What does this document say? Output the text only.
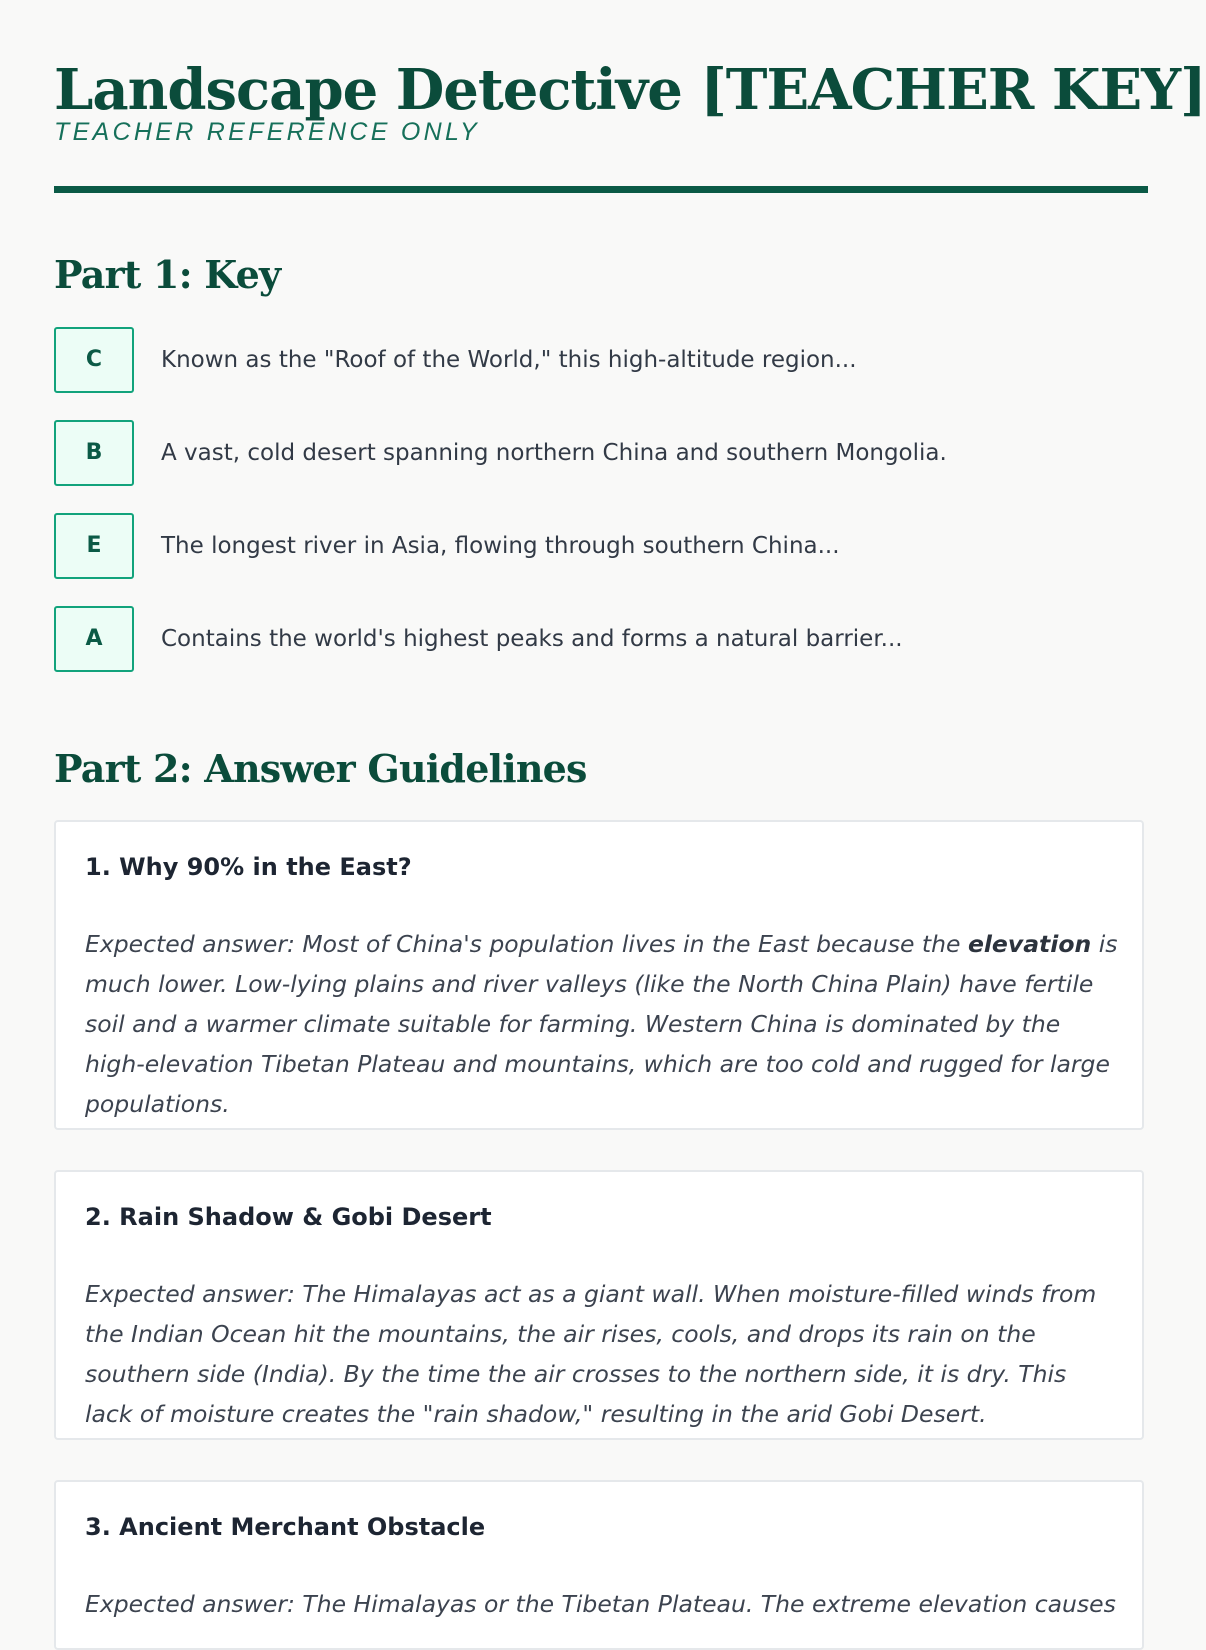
Landscape Detective [TEACHER KEY]
TEACHER REFERENCE ONLY
Part 1: Key
C	Known as the "Roof of the World," this high-altitude region...
B	A vast, cold desert spanning northern China and southern Mongolia.
E	The longest river in Asia, flowing through southern China...
A	Contains the world's highest peaks and forms a natural barrier...
Part 2: Answer Guidelines
1. Why 90% in the East?

Expected answer: Most of China's population lives in the East because the elevation is much lower. Low-lying plains and river valleys (like the North China Plain) have fertile soil and a warmer climate suitable for farming. Western China is dominated by the high-elevation Tibetan Plateau and mountains, which are too cold and rugged for large populations.

2. Rain Shadow & Gobi Desert

Expected answer: The Himalayas act as a giant wall. When moisture-filled winds from the Indian Ocean hit the mountains, the air rises, cools, and drops its rain on the southern side (India). By the time the air crosses to the northern side, it is dry. This lack of moisture creates the "rain shadow," resulting in the arid Gobi Desert.

3. Ancient Merchant Obstacle

Expected answer: The Himalayas or the Tibetan Plateau. The extreme elevation causes
